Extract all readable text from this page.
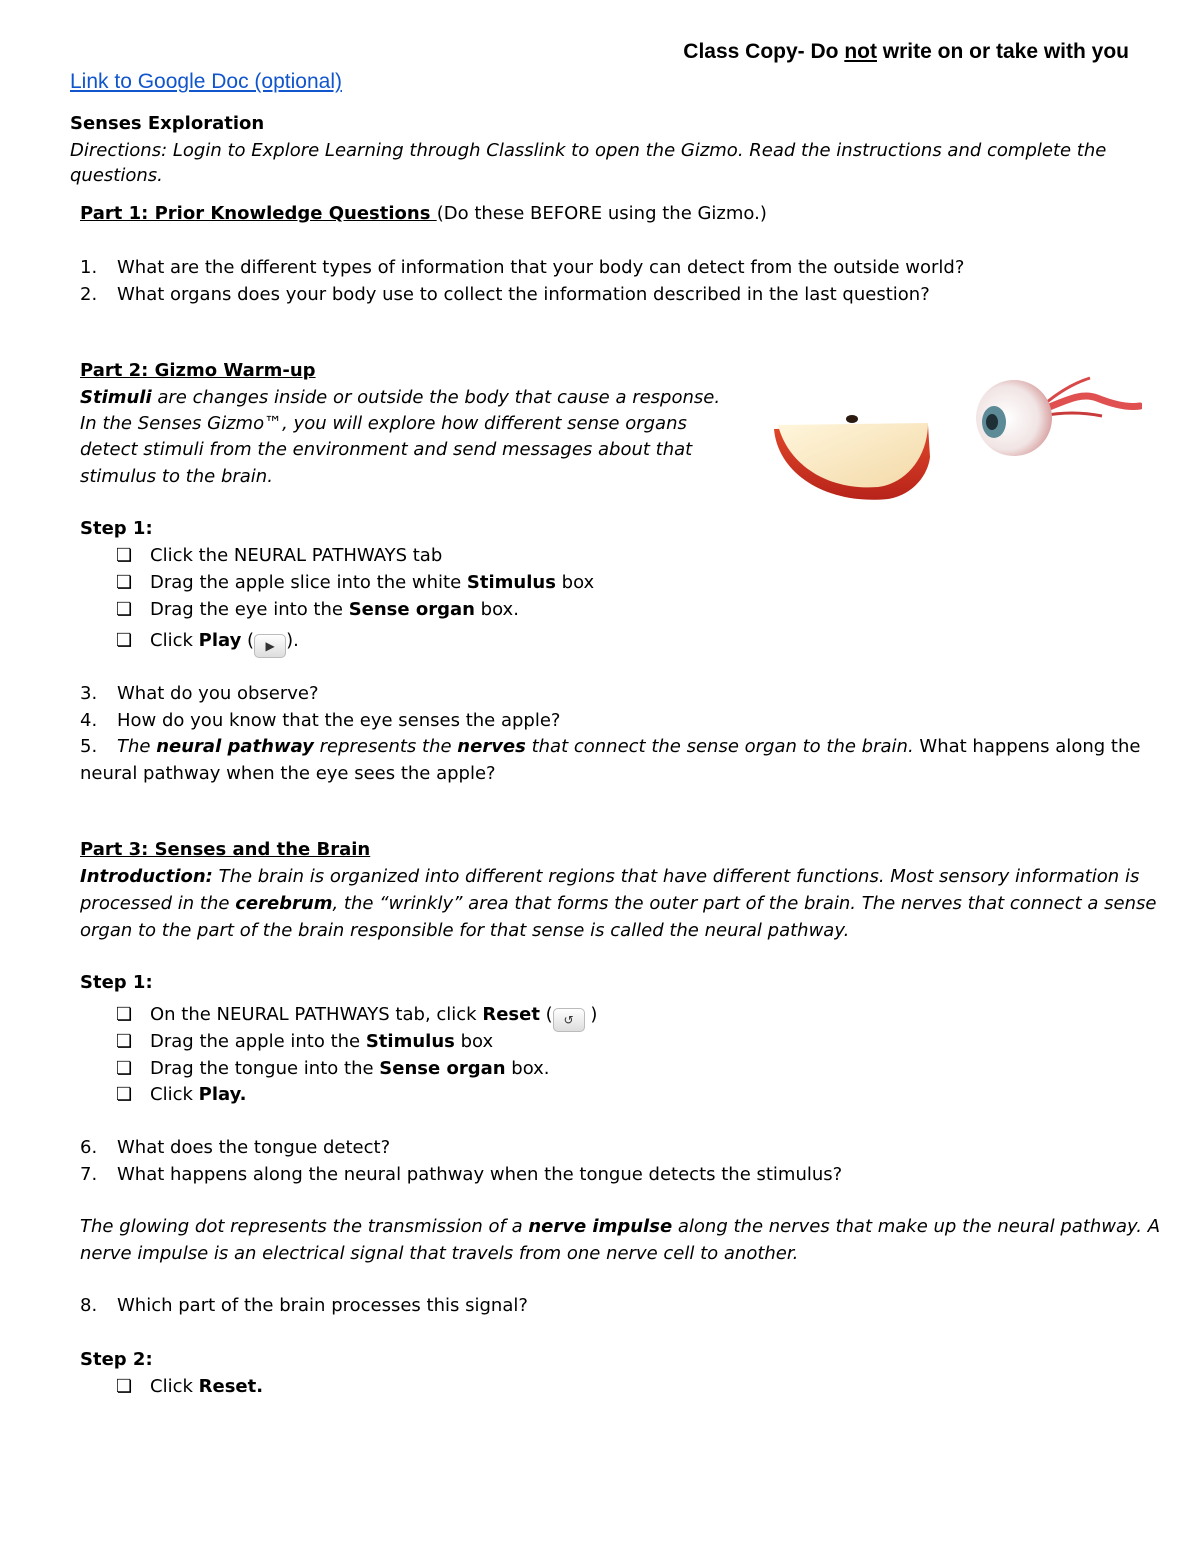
Class Copy- Do not write on or take with you
Link to Google Doc (optional)
Senses Exploration
Directions: Login to Explore Learning through Classlink to open the Gizmo. Read the instructions and complete the
questions.
Part 1: Prior Knowledge Questions (Do these BEFORE using the Gizmo.)
1. What are the different types of information that your body can detect from the outside world?
2. What organs does your body use to collect the information described in the last question?
Part 2: Gizmo Warm-up
Stimuli are changes inside or outside the body that cause a response.
In the Senses Gizmo™, you will explore how different sense organs
detect stimuli from the environment and send messages about that
stimulus to the brain.
Step 1:
❏ Click the NEURAL PATHWAYS tab
❏ Drag the apple slice into the white Stimulus box
❏ Drag the eye into the Sense organ box.
❏ Click Play ( ▶ ).
3. What do you observe?
4. How do you know that the eye senses the apple?
5. The neural pathway represents the nerves that connect the sense organ to the brain. What happens along the
neural pathway when the eye sees the apple?
Part 3: Senses and the Brain
Introduction: The brain is organized into different regions that have different functions. Most sensory information is
processed in the cerebrum, the “wrinkly” area that forms the outer part of the brain. The nerves that connect a sense
organ to the part of the brain responsible for that sense is called the neural pathway.
Step 1:
❏ On the NEURAL PATHWAYS tab, click Reset ( ↺ )
❏ Drag the apple into the Stimulus box
❏ Drag the tongue into the Sense organ box.
❏ Click Play.
6. What does the tongue detect?
7. What happens along the neural pathway when the tongue detects the stimulus?
The glowing dot represents the transmission of a nerve impulse along the nerves that make up the neural pathway. A
nerve impulse is an electrical signal that travels from one nerve cell to another.
8. Which part of the brain processes this signal?
Step 2:
❏ Click Reset.
